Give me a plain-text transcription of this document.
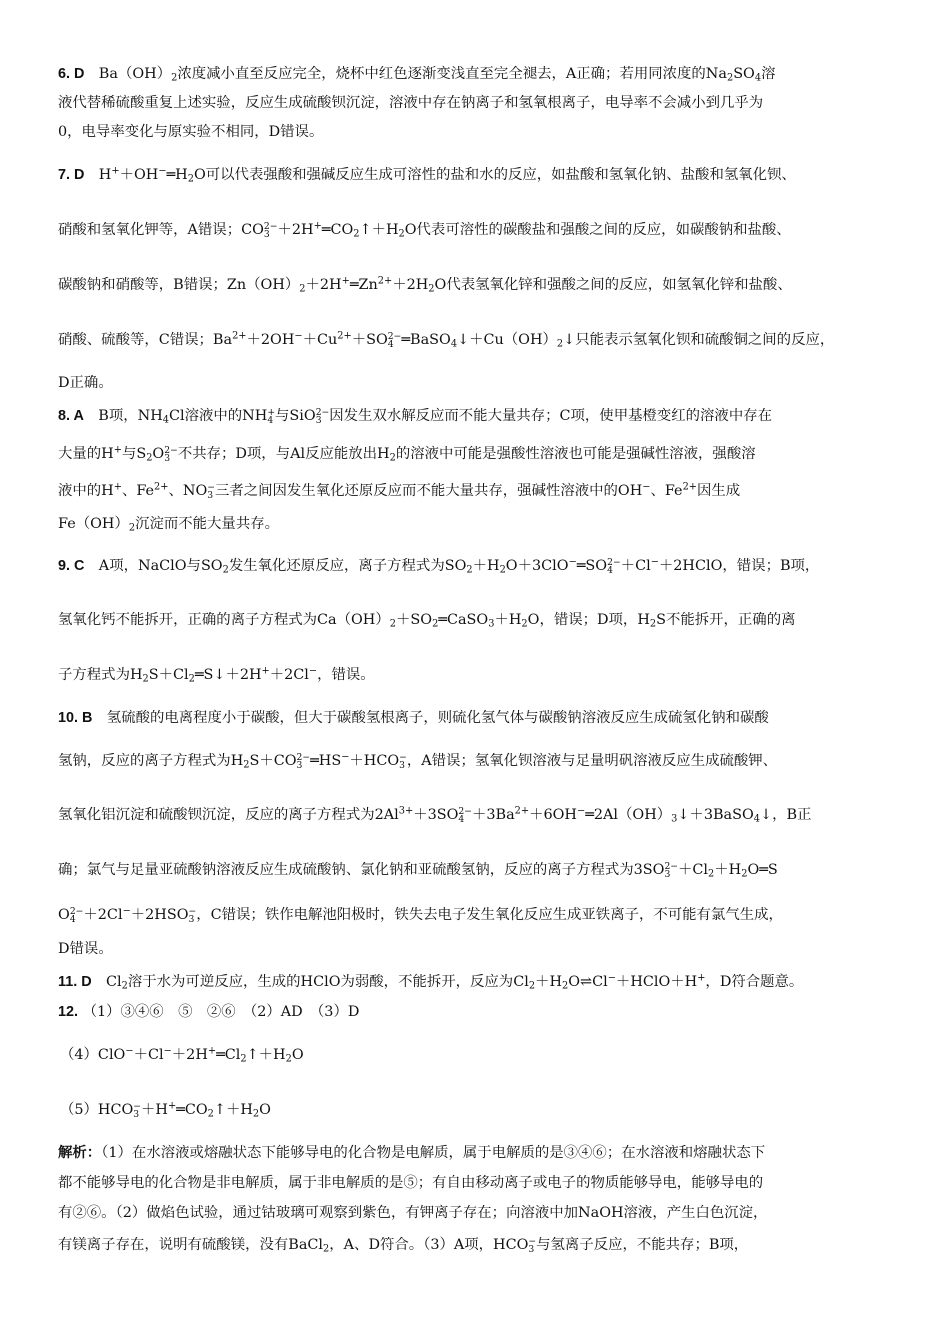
6. D　$Ba(OH)_2$浓度减小直至反应完全，烧杯中红色逐渐变浅直至完全褪去，A正确；若用同浓度的$Na_2SO_4$溶
液代替稀硫酸重复上述实验，反应生成硫酸钡沉淀，溶液中存在钠离子和氢氧根离子，电导率不会减小到几乎为
0，电导率变化与原实验不相同，D错误。
7. D　$H^++OH^-═H_2O$可以代表强酸和强碱反应生成可溶性的盐和水的反应，如盐酸和氢氧化钠、盐酸和氢氧化钡、
硝酸和氢氧化钾等，A错误；CO 2−
$3 +2H^+═CO_2↑+H_2O$代表可溶性的碳酸盐和强酸之间的反应，如碳酸钠和盐酸、
碳酸钠和硝酸等，B错误；$Zn(OH)_2+2H^+═Zn^{2+}+2H_2O$代表氢氧化锌和强酸之间的反应，如氢氧化锌和盐酸、
硝酸、硫酸等，C错误；$Ba^{2+}+2OH^-+Cu^{2+}+SO$ 2−
4 $═BaSO_4↓+Cu(OH)_2↓$只能表示氢氧化钡和硫酸铜之间的反应，
D正确。
8. A　B项，$NH_4Cl$溶液中的NH +
4 与SiO 2−
3 因发生双水解反应而不能大量共存；C项，使甲基橙变红的溶液中存在
大量的H+与$S_2O$ 2−
3 不共存；D项，与Al反应能放出$H_2$的溶液中可能是强酸性溶液也可能是强碱性溶液，强酸溶
液中的H+、$Fe^{2+}$、NO −
3 三者之间因发生氧化还原反应而不能大量共存，强碱性溶液中的OH−、$Fe^{2+}$因生成
$Fe(OH)_2$沉淀而不能大量共存。
9. C　A项，NaClO与$SO_2$发生氧化还原反应，离子方程式为$SO_2+H_2O+3ClO^-═SO$ 2−
4 ＋Cl−＋2HClO，错误；B项，
氢氧化钙不能拆开，正确的离子方程式为$Ca(OH)_2+SO_2═CaSO_3+H_2O$，错误；D项，$H_2S$不能拆开，正确的离
子方程式为$H_2S+Cl_2═S↓+2H^++2Cl^-$，错误。
10. B　氢硫酸的电离程度小于碳酸，但大于碳酸氢根离子，则硫化氢气体与碳酸钠溶液反应生成硫氢化钠和碳酸
氢钠，反应的离子方程式为$H_2S+CO$ 2−
3 ═HS−＋HCO −
3 ，A错误；氢氧化钡溶液与足量明矾溶液反应生成硫酸钾、
氢氧化铝沉淀和硫酸钡沉淀，反应的离子方程式为$2Al^{3+}+3SO$ 2−
$4 +3Ba^{2+}+6OH^-═2Al(OH)_3↓+3BaSO_4↓$，B正
确；氯气与足量亚硫酸钠溶液反应生成硫酸钠、氯化钠和亚硫酸氢钠，反应的离子方程式为3SO 2−
$3 +Cl_2+H_2O═S$
O 2−
4 ＋2Cl−＋2HSO −
3 ，C错误；铁作电解池阳极时，铁失去电子发生氧化反应生成亚铁离子，不可能有氯气生成，
D错误。
11. D　$Cl_2$溶于水为可逆反应，生成的HClO为弱酸，不能拆开，反应为$Cl_2+H_2O\rightleftharpoons Cl^-+HClO+H^+$，D符合题意。
12. （1）③④⑥　⑤　②⑥　（2）AD　（3）D
$(4)ClO^-+Cl^-+2H^+═Cl_2↑+H_2O$
（5）HCO −
$3 +H^+═CO_2↑+H_2O$
解析：（1）在水溶液或熔融状态下能够导电的化合物是电解质，属于电解质的是③④⑥；在水溶液和熔融状态下
都不能够导电的化合物是非电解质，属于非电解质的是⑤；有自由移动离子或电子的物质能够导电，能够导电的
有②⑥。（2）做焰色试验，通过钴玻璃可观察到紫色，有钾离子存在；向溶液中加NaOH溶液，产生白色沉淀，
有镁离子存在，说明有硫酸镁，没有BaCl$_2$，A、D符合。（3）A项，HCO −
3 与氢离子反应，不能共存；B项，
